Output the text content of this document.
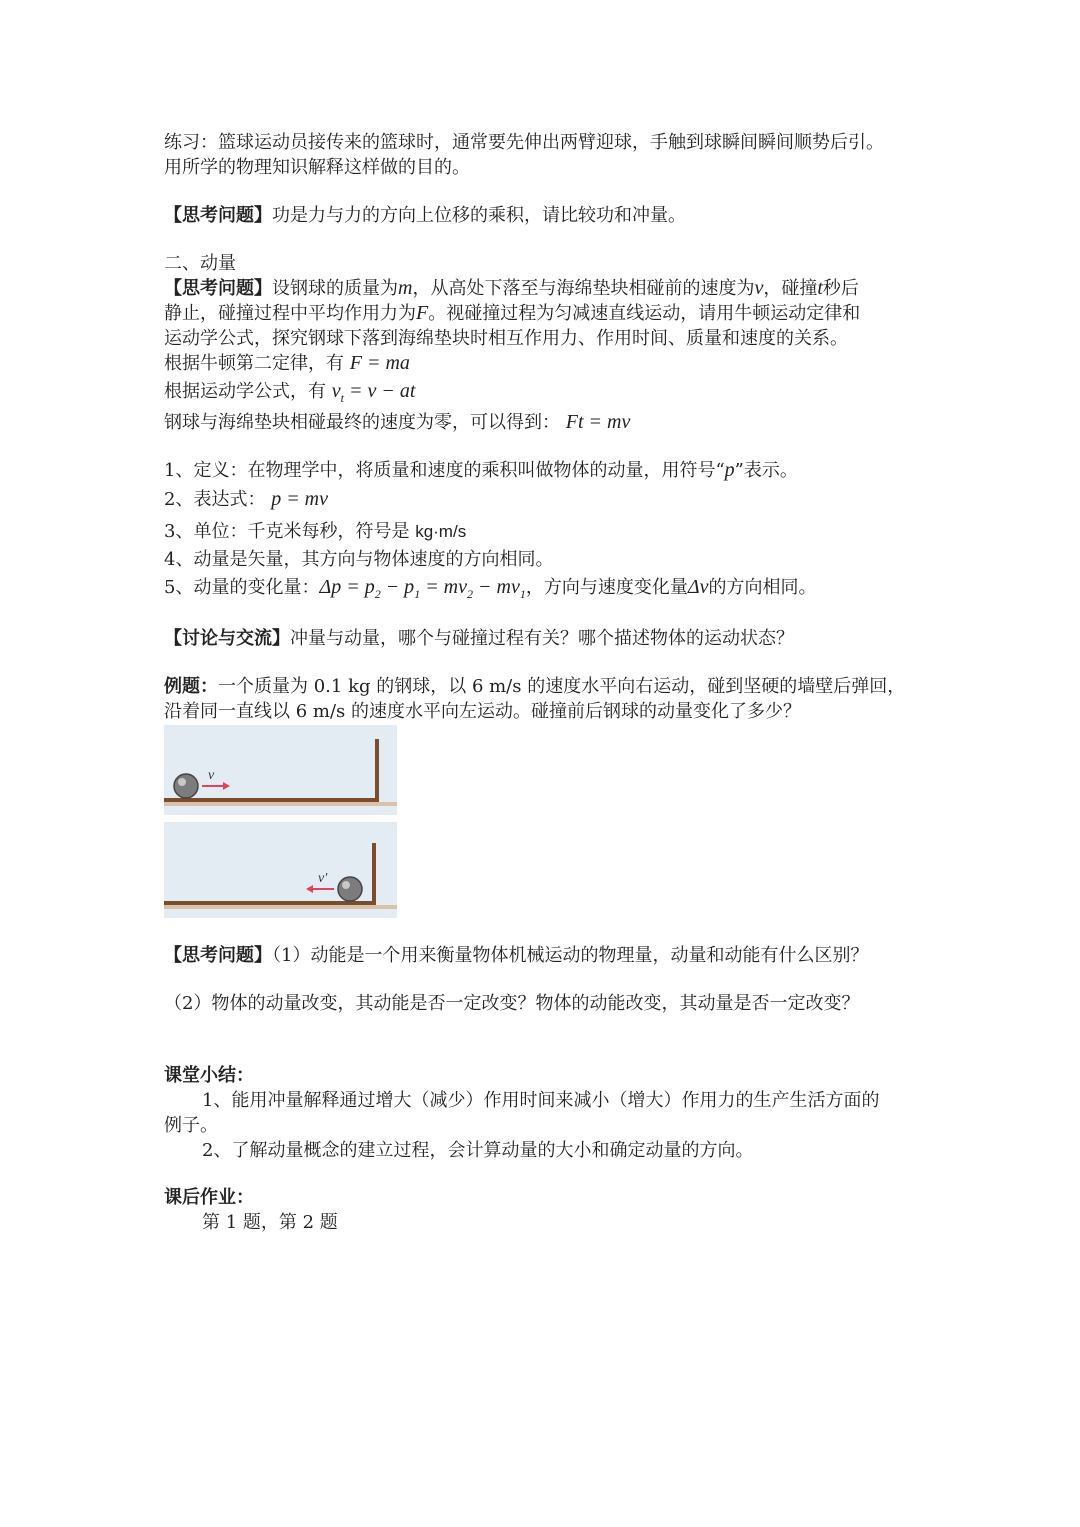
练习：篮球运动员接传来的篮球时，通常要先伸出两臂迎球，手触到球瞬间瞬间顺势后引。
用所学的物理知识解释这样做的目的。
【思考问题】功是力与力的方向上位移的乘积，请比较功和冲量。
二、动量
【思考问题】设钢球的质量为m，从高处下落至与海绵垫块相碰前的速度为v，碰撞t秒后
静止，碰撞过程中平均作用力为F。视碰撞过程为匀减速直线运动，请用牛顿运动定律和
运动学公式，探究钢球下落到海绵垫块时相互作用力、作用时间、质量和速度的关系。
根据牛顿第二定律，有 F = ma
根据运动学公式，有 $v_t = v$ − at
钢球与海绵垫块相碰最终的速度为零，可以得到： Ft = mv
1、定义：在物理学中，将质量和速度的乘积叫做物体的动量，用符号“p”表示。
2、表达式： p = mv
3、单位：千克米每秒，符号是 kg·m/s
4、动量是矢量，其方向与物体速度的方向相同。
5、动量的变化量：$\Delta p = p_2 - p_1 = mv_2 - mv_1$，方向与速度变化量Δv的方向相同。
【讨论与交流】冲量与动量，哪个与碰撞过程有关？哪个描述物体的运动状态？
例题：一个质量为 0.1 kg 的钢球，以 6 m/s 的速度水平向右运动，碰到坚硬的墙壁后弹回，
沿着同一直线以 6 m/s 的速度水平向左运动。碰撞前后钢球的动量变化了多少？
v
v′
【思考问题】（1）动能是一个用来衡量物体机械运动的物理量，动量和动能有什么区别？
（2）物体的动量改变，其动能是否一定改变？物体的动能改变，其动量是否一定改变？
课堂小结：
1、能用冲量解释通过增大（减少）作用时间来减小（增大）作用力的生产生活方面的
例子。
2、了解动量概念的建立过程，会计算动量的大小和确定动量的方向。
课后作业：
第 1 题，第 2 题
